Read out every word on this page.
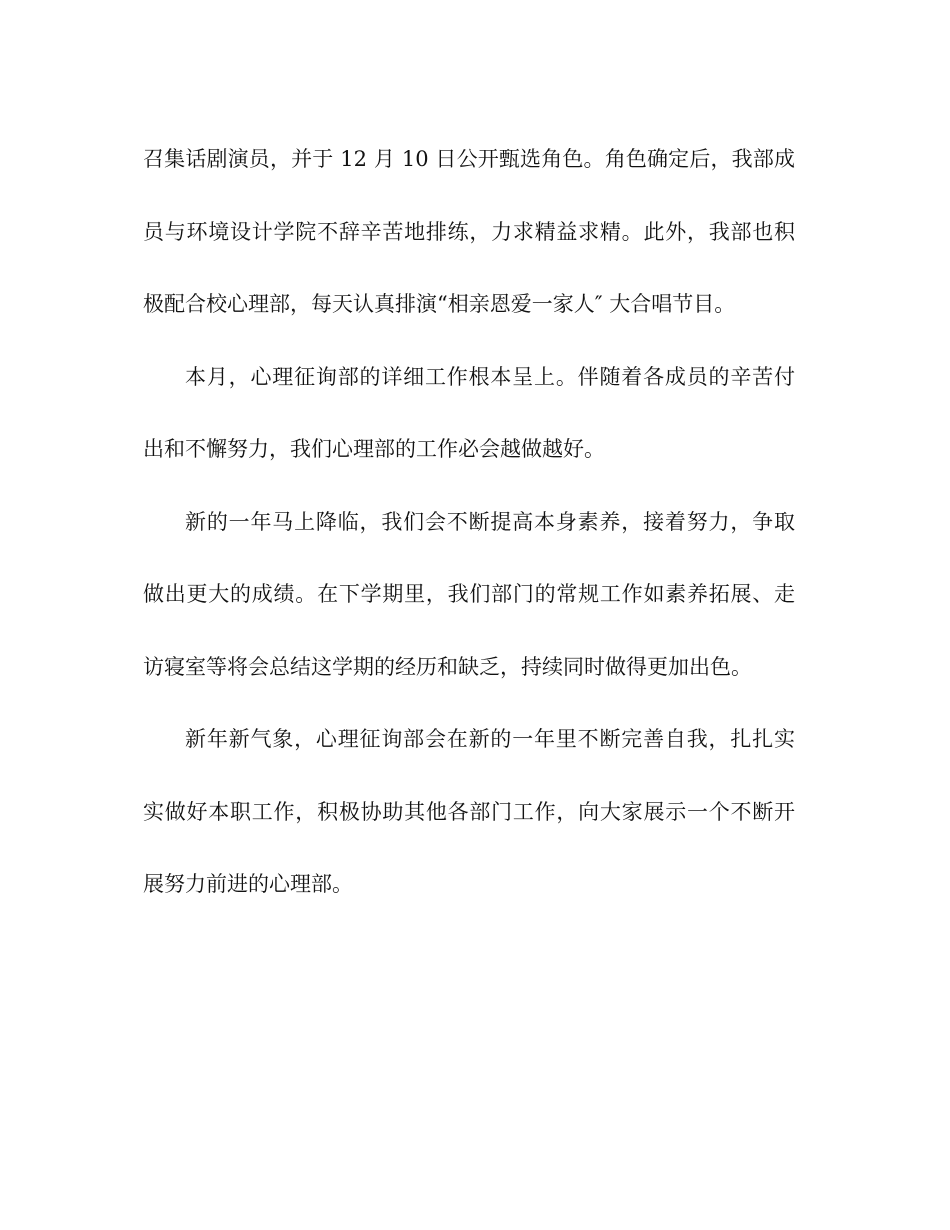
召集话剧演员，并于 12 月 10 日公开甄选角色。角色确定后，我部成
员与环境设计学院不辞辛苦地排练，力求精益求精。此外，我部也积
极配合校心理部，每天认真排演“相亲恩爱一家人″ 大合唱节目。
本月，心理征询部的详细工作根本呈上。伴随着各成员的辛苦付
出和不懈努力，我们心理部的工作必会越做越好。
新的一年马上降临，我们会不断提高本身素养，接着努力，争取
做出更大的成绩。在下学期里，我们部门的常规工作如素养拓展、走
访寝室等将会总结这学期的经历和缺乏，持续同时做得更加出色。
新年新气象，心理征询部会在新的一年里不断完善自我，扎扎实
实做好本职工作，积极协助其他各部门工作，向大家展示一个不断开
展努力前进的心理部。
